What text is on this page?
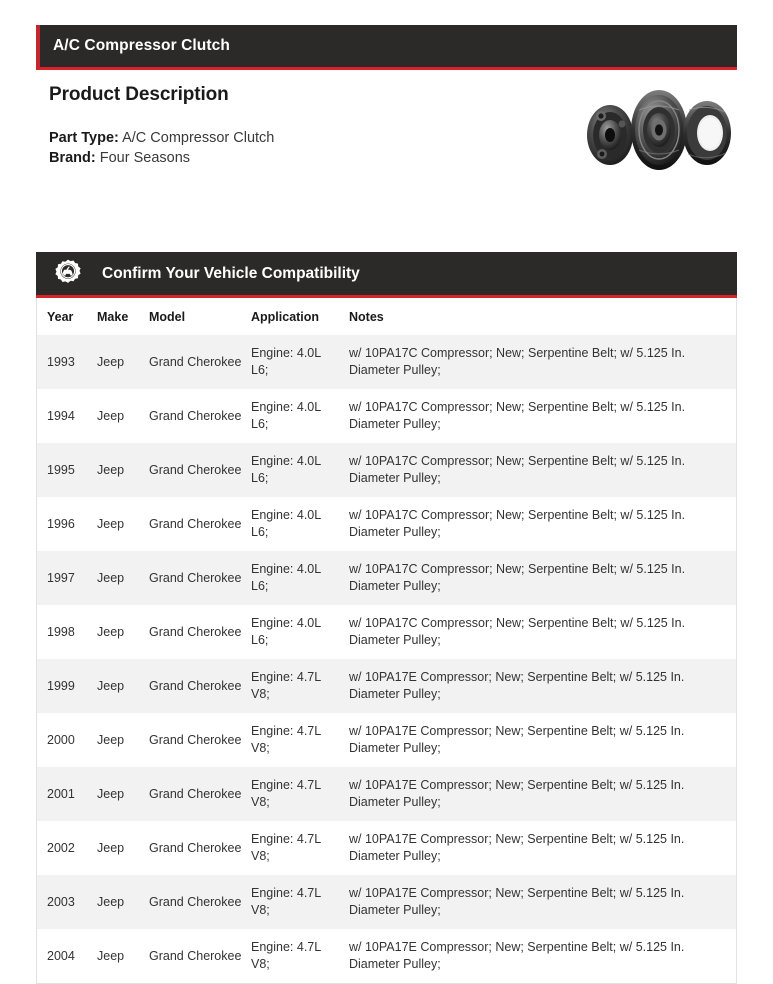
A/C Compressor Clutch
Product Description
Part Type: A/C Compressor Clutch
Brand: Four Seasons
Confirm Your Vehicle Compatibility
Year	Make	Model	Application	Notes
1993	Jeep	Grand Cherokee	Engine: 4.0L L6;	w/ 10PA17C Compressor; New; Serpentine Belt; w/ 5.125 In. Diameter Pulley;
1994	Jeep	Grand Cherokee	Engine: 4.0L L6;	w/ 10PA17C Compressor; New; Serpentine Belt; w/ 5.125 In. Diameter Pulley;
1995	Jeep	Grand Cherokee	Engine: 4.0L L6;	w/ 10PA17C Compressor; New; Serpentine Belt; w/ 5.125 In. Diameter Pulley;
1996	Jeep	Grand Cherokee	Engine: 4.0L L6;	w/ 10PA17C Compressor; New; Serpentine Belt; w/ 5.125 In. Diameter Pulley;
1997	Jeep	Grand Cherokee	Engine: 4.0L L6;	w/ 10PA17C Compressor; New; Serpentine Belt; w/ 5.125 In. Diameter Pulley;
1998	Jeep	Grand Cherokee	Engine: 4.0L L6;	w/ 10PA17C Compressor; New; Serpentine Belt; w/ 5.125 In. Diameter Pulley;
1999	Jeep	Grand Cherokee	Engine: 4.7L V8;	w/ 10PA17E Compressor; New; Serpentine Belt; w/ 5.125 In. Diameter Pulley;
2000	Jeep	Grand Cherokee	Engine: 4.7L V8;	w/ 10PA17E Compressor; New; Serpentine Belt; w/ 5.125 In. Diameter Pulley;
2001	Jeep	Grand Cherokee	Engine: 4.7L V8;	w/ 10PA17E Compressor; New; Serpentine Belt; w/ 5.125 In. Diameter Pulley;
2002	Jeep	Grand Cherokee	Engine: 4.7L V8;	w/ 10PA17E Compressor; New; Serpentine Belt; w/ 5.125 In. Diameter Pulley;
2003	Jeep	Grand Cherokee	Engine: 4.7L V8;	w/ 10PA17E Compressor; New; Serpentine Belt; w/ 5.125 In. Diameter Pulley;
2004	Jeep	Grand Cherokee	Engine: 4.7L V8;	w/ 10PA17E Compressor; New; Serpentine Belt; w/ 5.125 In. Diameter Pulley;
